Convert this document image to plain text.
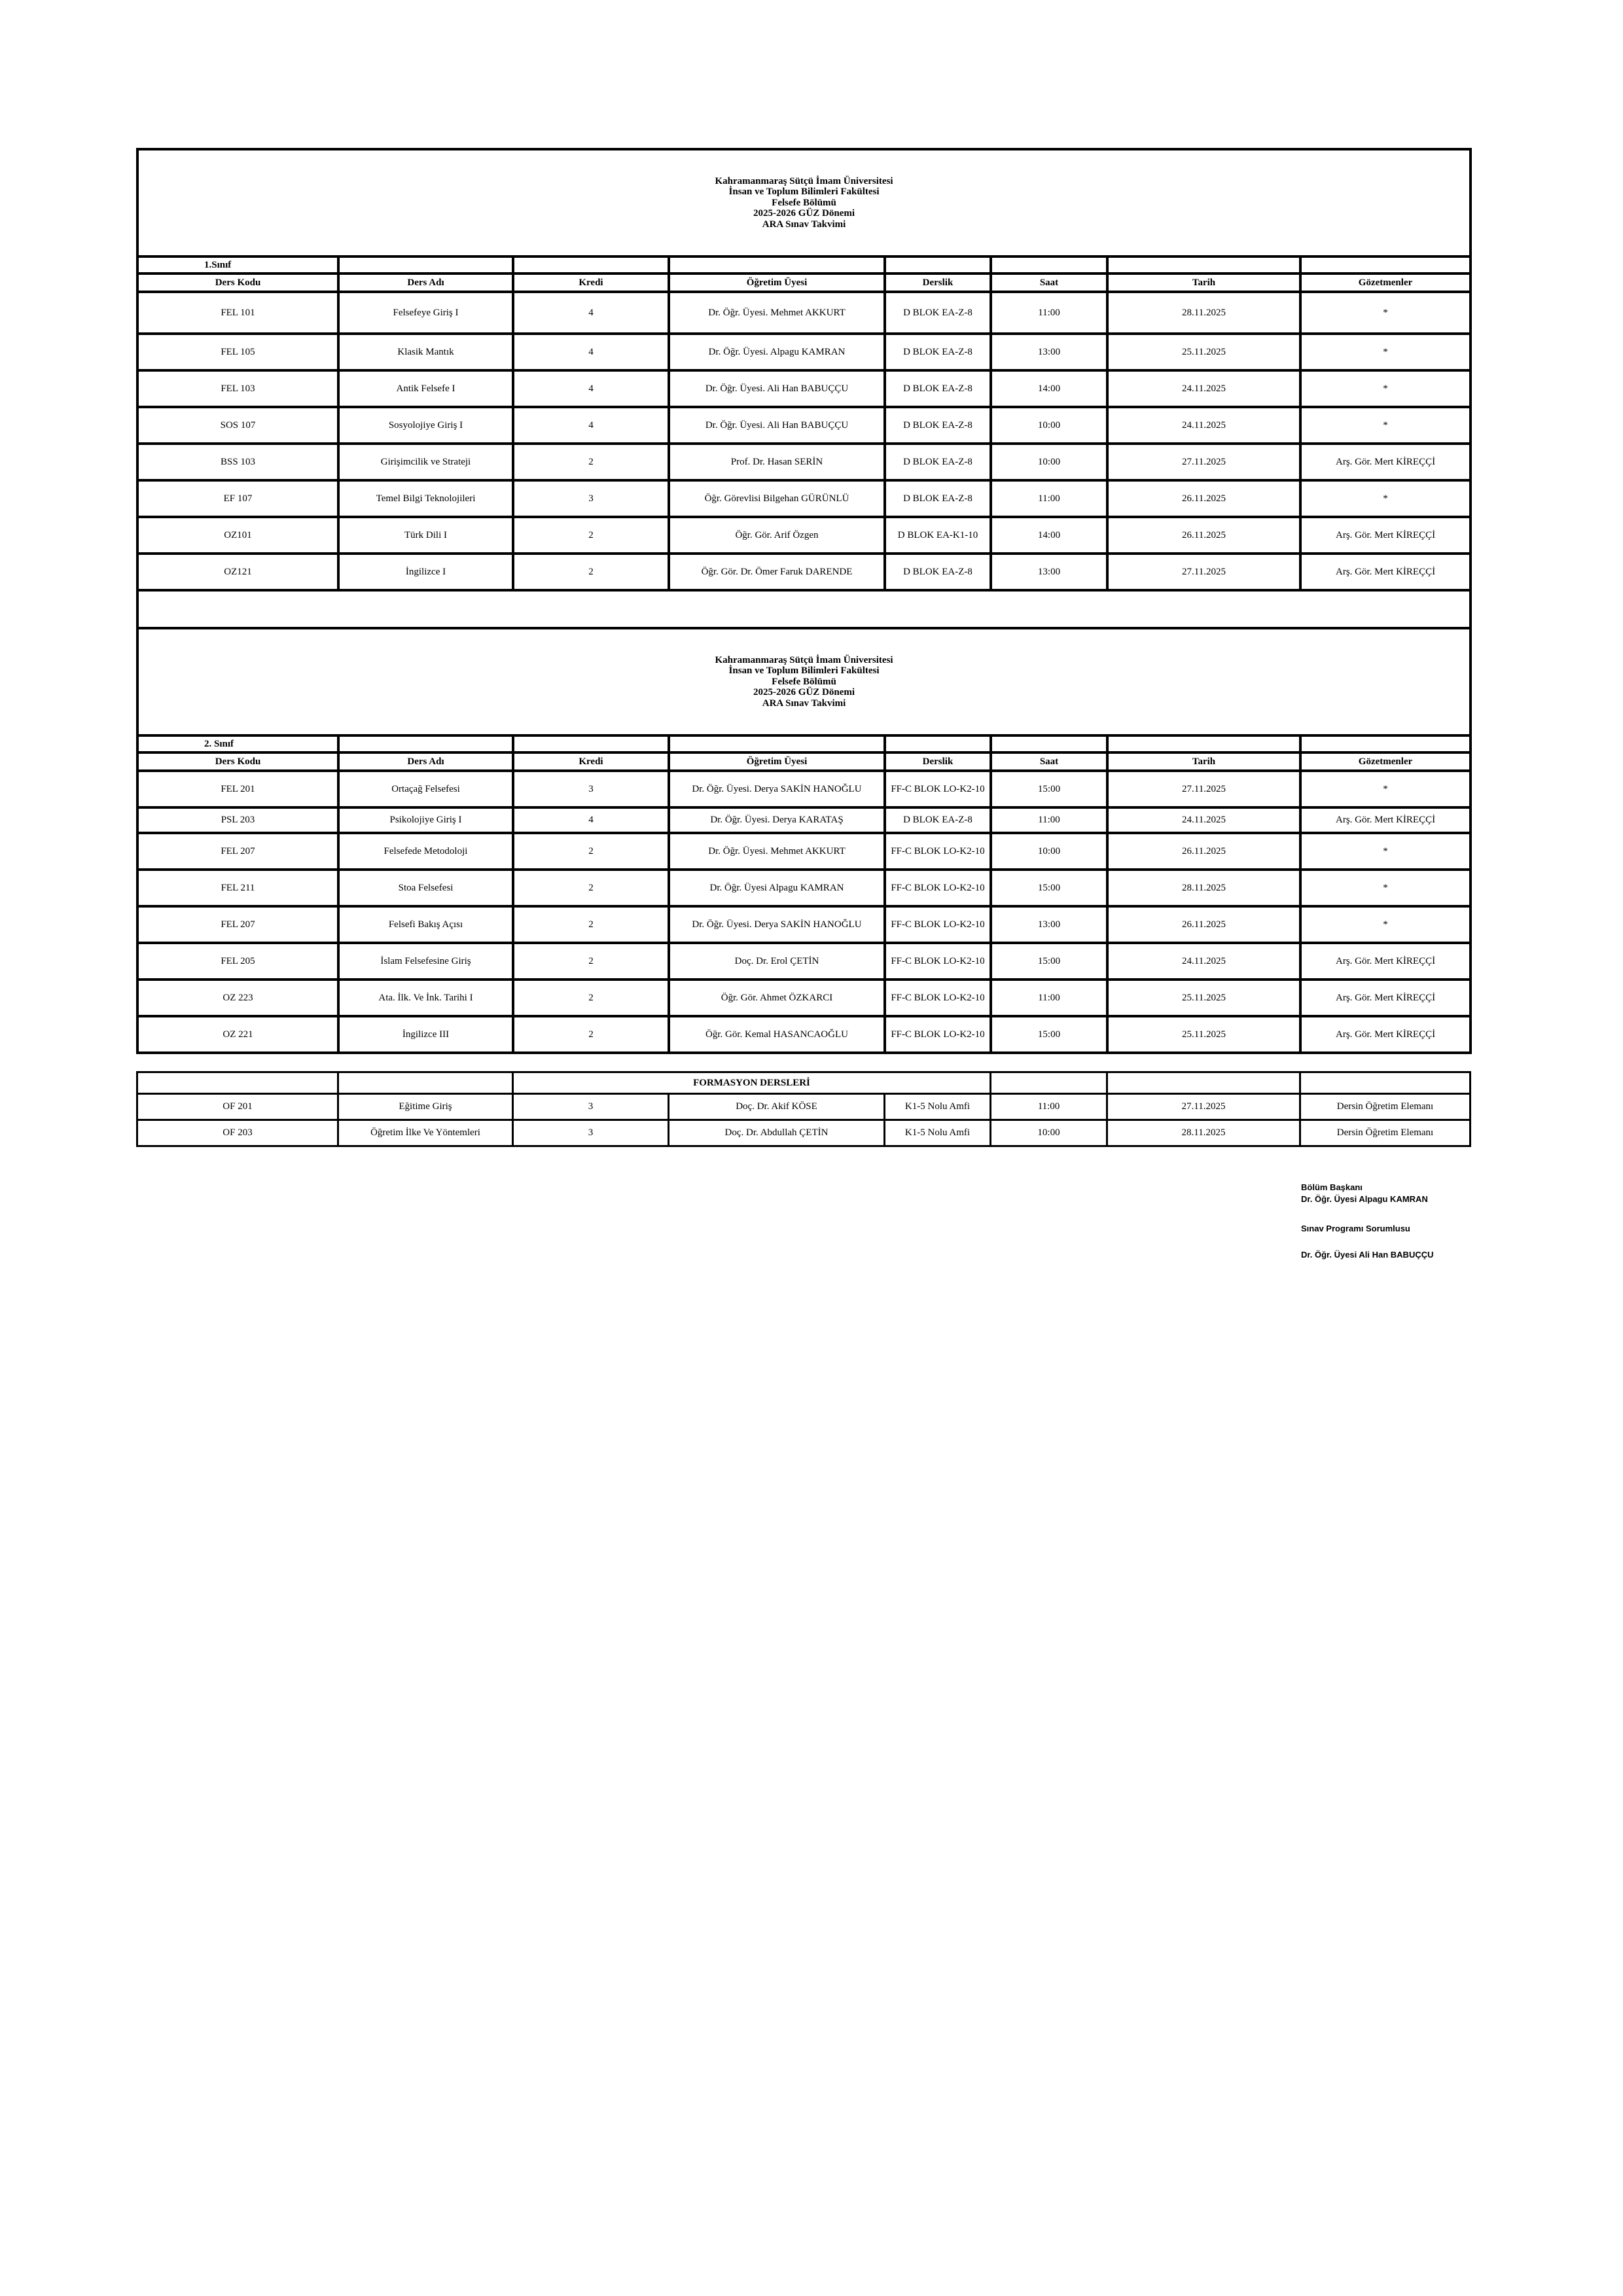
Kahramanmaraş Sütçü İmam Üniversitesi
İnsan ve Toplum Bilimleri Fakültesi
Felsefe Bölümü
2025-2026 GÜZ Dönemi
ARA Sınav Takvimi							

1.Sınıf							
Ders Kodu	Ders Adı	Kredi	Öğretim Üyesi	Derslik	Saat	Tarih	Gözetmenler
FEL 101	Felsefeye Giriş I	4	Dr. Öğr. Üyesi. Mehmet AKKURT	D BLOK EA-Z-8	11:00	28.11.2025	*
FEL 105	Klasik Mantık	4	Dr. Öğr. Üyesi. Alpagu KAMRAN	D BLOK EA-Z-8	13:00	25.11.2025	*
FEL 103	Antik Felsefe I	4	Dr. Öğr. Üyesi. Ali Han BABUÇÇU	D BLOK EA-Z-8	14:00	24.11.2025	*
SOS 107	Sosyolojiye Giriş I	4	Dr. Öğr. Üyesi. Ali Han BABUÇÇU	D BLOK EA-Z-8	10:00	24.11.2025	*
BSS 103	Girişimcilik ve Strateji	2	Prof. Dr. Hasan SERİN	D BLOK EA-Z-8	10:00	27.11.2025	Arş. Gör. Mert KİREÇÇİ
EF 107	Temel Bilgi Teknolojileri	3	Öğr. Görevlisi Bilgehan GÜRÜNLÜ	D BLOK EA-Z-8	11:00	26.11.2025	*
OZ101	Türk Dili I	2	Öğr. Gör. Arif Özgen	D BLOK EA-K1-10	14:00	26.11.2025	Arş. Gör. Mert KİREÇÇİ
OZ121	İngilizce I	2	Öğr. Gör. Dr. Ömer Faruk DARENDE	D BLOK EA-Z-8	13:00	27.11.2025	Arş. Gör. Mert KİREÇÇİ

Kahramanmaraş Sütçü İmam Üniversitesi
İnsan ve Toplum Bilimleri Fakültesi
Felsefe Bölümü
2025-2026 GÜZ Dönemi
ARA Sınav Takvimi							

2. Sınıf							
Ders Kodu	Ders Adı	Kredi	Öğretim Üyesi	Derslik	Saat	Tarih	Gözetmenler
FEL 201	Ortaçağ Felsefesi	3	Dr. Öğr. Üyesi. Derya SAKİN HANOĞLU	FF-C BLOK LO-K2-10	15:00	27.11.2025	*
PSL 203	Psikolojiye Giriş I	4	Dr. Öğr. Üyesi. Derya KARATAŞ	D BLOK EA-Z-8	11:00	24.11.2025	Arş. Gör. Mert KİREÇÇİ
FEL 207	Felsefede Metodoloji	2	Dr. Öğr. Üyesi. Mehmet AKKURT	FF-C BLOK LO-K2-10	10:00	26.11.2025	*
FEL 211	Stoa Felsefesi	2	Dr. Öğr. Üyesi Alpagu KAMRAN	FF-C BLOK LO-K2-10	15:00	28.11.2025	*
FEL 207	Felsefi Bakış Açısı	2	Dr. Öğr. Üyesi. Derya SAKİN HANOĞLU	FF-C BLOK LO-K2-10	13:00	26.11.2025	*
FEL 205	İslam Felsefesine Giriş	2	Doç. Dr. Erol ÇETİN	FF-C BLOK LO-K2-10	15:00	24.11.2025	Arş. Gör. Mert KİREÇÇİ
OZ 223	Ata. İlk. Ve İnk. Tarihi I	2	Öğr. Gör. Ahmet ÖZKARCI	FF-C BLOK LO-K2-10	11:00	25.11.2025	Arş. Gör. Mert KİREÇÇİ
OZ 221	İngilizce III	2	Öğr. Gör. Kemal HASANCAOĞLU	FF-C BLOK LO-K2-10	15:00	25.11.2025	Arş. Gör. Mert KİREÇÇİ
		FORMASYON DERSLERİ					
OF 201	Eğitime Giriş	3	Doç. Dr. Akif KÖSE	K1-5 Nolu Amfi	11:00	27.11.2025	Dersin Öğretim Elemanı
OF 203	Öğretim İlke Ve Yöntemleri	3	Doç. Dr. Abdullah ÇETİN	K1-5 Nolu Amfi	10:00	28.11.2025	Dersin Öğretim Elemanı
Bölüm Başkanı
Dr. Öğr. Üyesi Alpagu KAMRAN
Sınav Programı Sorumlusu
Dr. Öğr. Üyesi Ali Han BABUÇÇU
